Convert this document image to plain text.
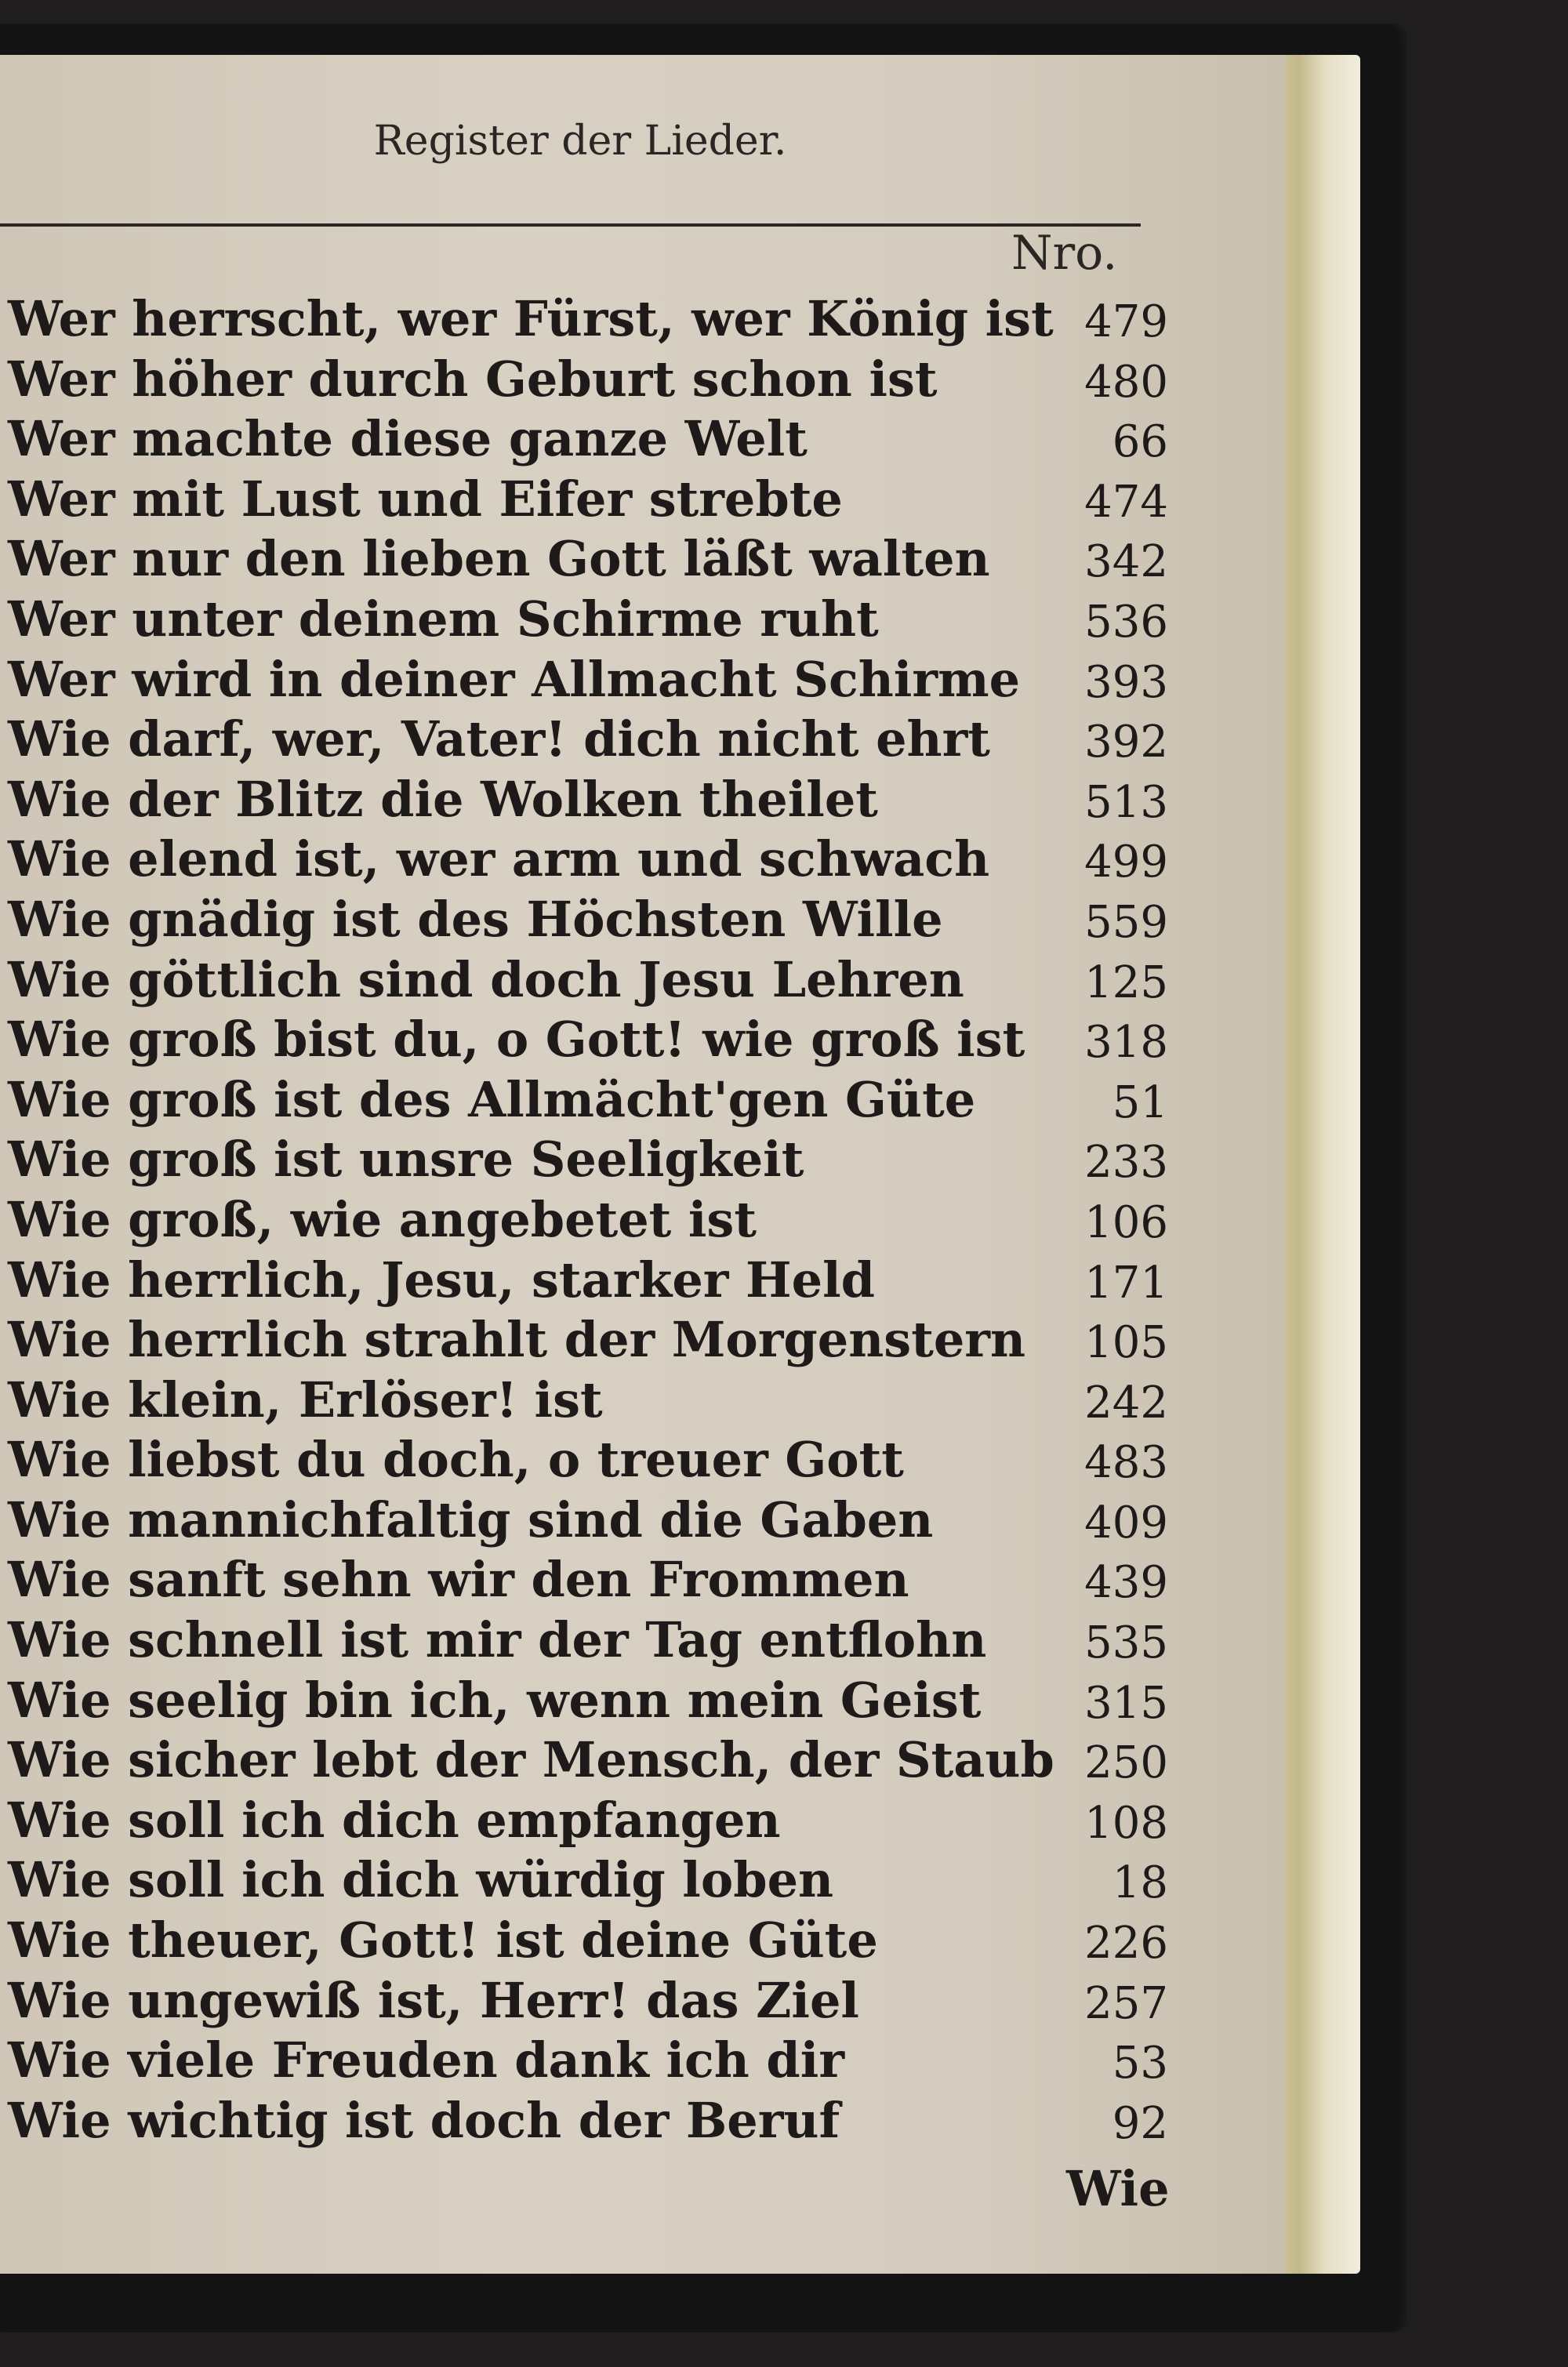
Register der Lieder.
Nro.
Wer herrscht, wer Fürst, wer König ist 479
Wer höher durch Geburt schon ist	480
Wer machte diese ganze Welt	66
Wer mit Lust und Eifer strebte	474
Wer nur den lieben Gott läßt walten 342
Wer unter deinem Schirme ruht	536
Wer wird in deiner Allmacht Schirme 393
Wie darf, wer, Vater! dich nicht ehrt 392
Wie der Blitz die Wolken theilet	513
Wie elend ist, wer arm und schwach 499
Wie gnädig ist des Höchsten Wille	559
Wie göttlich sind doch Jesu Lehren	125
Wie groß bist du, o Gott! wie groß ist 318
Wie groß ist des Allmächt'gen Güte	51
Wie groß ist unsre Seeligkeit	233
Wie groß, wie angebetet ist	106
Wie herrlich, Jesu, starker Held	171
Wie herrlich strahlt der Morgenstern 105
Wie klein, Erlöser! ist	242
Wie liebst du doch, o treuer Gott	483
Wie mannichfaltig sind die Gaben	409
Wie sanft sehn wir den Frommen	439
Wie schnell ist mir der Tag entflohn 535
Wie seelig bin ich, wenn mein Geist 315
Wie sicher lebt der Mensch, der Staub 250
Wie soll ich dich empfangen	108
Wie soll ich dich würdig loben	18
Wie theuer, Gott! ist deine Güte	226
Wie ungewiß ist, Herr! das Ziel	257
Wie viele Freuden dank ich dir	53
Wie wichtig ist doch der Beruf	92
Wie
